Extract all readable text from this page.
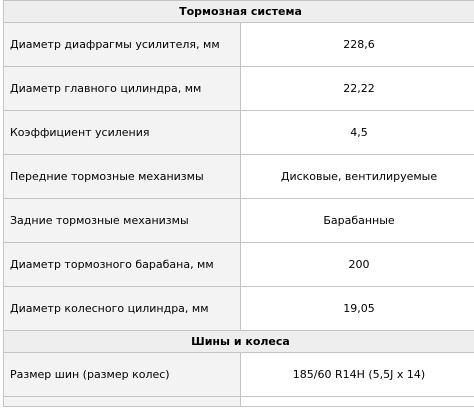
Тормозная система	
Диаметр диафрагмы усилителя, мм	228,6
Диаметр главного цилиндра, мм	22,22
Коэффициент усиления	4,5
Передние тормозные механизмы	Дисковые, вентилируемые
Задние тормозные механизмы	Барабанные
Диаметр тормозного барабана, мм	200
Диаметр колесного цилиндра, мм	19,05
Шины и колеса	
Размер шин (размер колес)	185/60 R14H (5,5J x 14)
